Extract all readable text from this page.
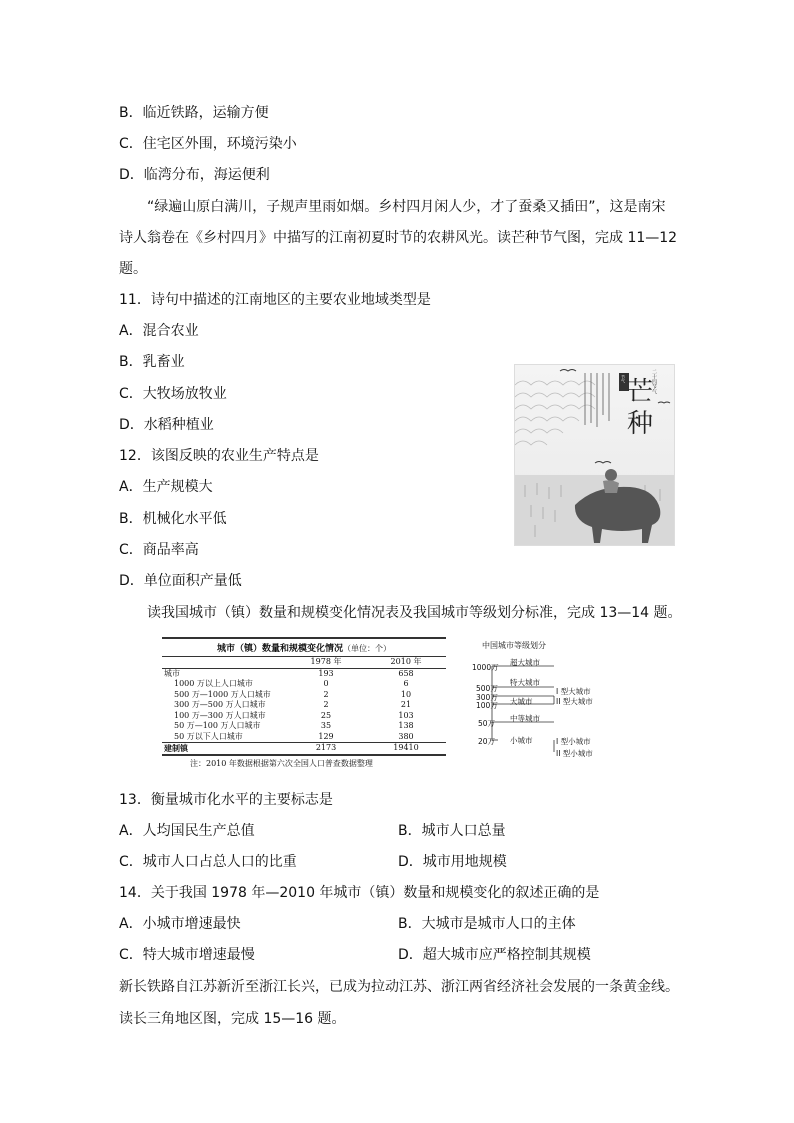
B．临近铁路，运输方便
C．住宅区外围，环境污染小
D．临湾分布，海运便利
“绿遍山原白满川，子规声里雨如烟。乡村四月闲人少，才了蚕桑又插田”，这是南宋
诗人翁卷在《乡村四月》中描写的江南初夏时节的农耕风光。读芒种节气图，完成 11—12
题。
11．诗句中描述的江南地区的主要农业地域类型是
A．混合农业
B．乳畜业
C．大牧场放牧业
D．水稻种植业
12．该图反映的农业生产特点是
A．生产规模大
B．机械化水平低
C．商品率高
D．单位面积产量低
芒
种
二十四节气
节气
读我国城市（镇）数量和规模变化情况表及我国城市等级划分标准，完成 13—14 题。
城市（镇）数量和规模变化情况（单位：个）
	1978 年	2010 年
城市	193	658
1000 万以上人口城市	0	6
500 万—1000 万人口城市	2	10
300 万—500 万人口城市	2	21
100 万—300 万人口城市	25	103
50 万—100 万人口城市	35	138
50 万以下人口城市	129	380
建制镇	2173	19410
注：2010 年数据根据第六次全国人口普查数据整理
中国城市等级划分
1000万
500万
300万
100万
50万
20万
超大城市
特大城市
大城市
中等城市
小城市
I 型大城市
II 型大城市
I 型小城市
II 型小城市
13．衡量城市化水平的主要标志是
A．人均国民生产总值	B．城市人口总量
C．城市人口占总人口的比重	D．城市用地规模
14．关于我国 1978 年—2010 年城市（镇）数量和规模变化的叙述正确的是
A．小城市增速最快	B．大城市是城市人口的主体
C．特大城市增速最慢	D．超大城市应严格控制其规模
新长铁路自江苏新沂至浙江长兴，已成为拉动江苏、浙江两省经济社会发展的一条黄金线。
读长三角地区图，完成 15—16 题。
